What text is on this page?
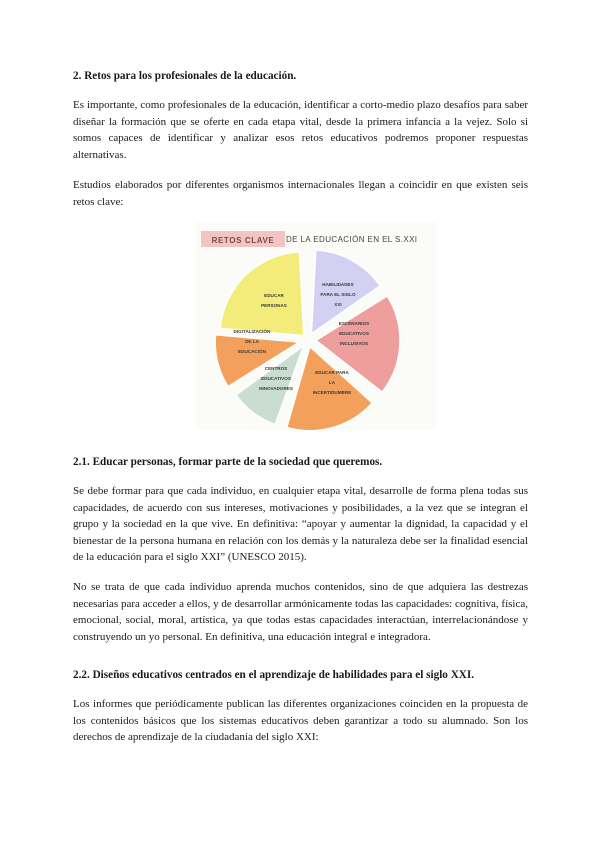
2. Retos para los profesionales de la educación.

Es importante, como profesionales de la educación, identificar a corto-medio plazo desafíos para saber diseñar la formación que se oferte en cada etapa vital, desde la primera infancia a la vejez. Solo si somos capaces de identificar y analizar esos retos educativos podremos proponer respuestas alternativas.

Estudios elaborados por diferentes organismos internacionales llegan a coincidir en que existen seis retos clave:

RETOS CLAVE DE LA EDUCACIÓN EN EL S.XXI
EDUCAR
PERSONAS
HABILIDADES
PARA EL SIGLO
XXI
ESCENARIOS
EDUCATIVOS
INCLUSIVOS
EDUCAR PARA
LA
INCERTIDUMBRE
CENTROS
EDUCATIVOS
INNOVADORES
DIGITALIZACIÓN
DE LA
EDUCACIÓN

2.1. Educar personas, formar parte de la sociedad que queremos.

Se debe formar para que cada individuo, en cualquier etapa vital, desarrolle de forma plena todas sus capacidades, de acuerdo con sus intereses, motivaciones y posibilidades, a la vez que se integran el grupo y la sociedad en la que vive. En definitiva: “apoyar y aumentar la dignidad, la capacidad y el bienestar de la persona humana en relación con los demás y la naturaleza debe ser la finalidad esencial de la educación para el siglo XXI” (UNESCO 2015).

No se trata de que cada individuo aprenda muchos contenidos, sino de que adquiera las destrezas necesarias para acceder a ellos, y de desarrollar armónicamente todas las capacidades: cognitiva, física, emocional, social, moral, artística, ya que todas estas capacidades interactúan, interrelacionándose y construyendo un yo personal. En definitiva, una educación integral e integradora.

2.2. Diseños educativos centrados en el aprendizaje de habilidades para el siglo XXI.

Los informes que periódicamente publican las diferentes organizaciones coinciden en la propuesta de los contenidos básicos que los sistemas educativos deben garantizar a todo su alumnado. Son los derechos de aprendizaje de la ciudadanía del siglo XXI:
